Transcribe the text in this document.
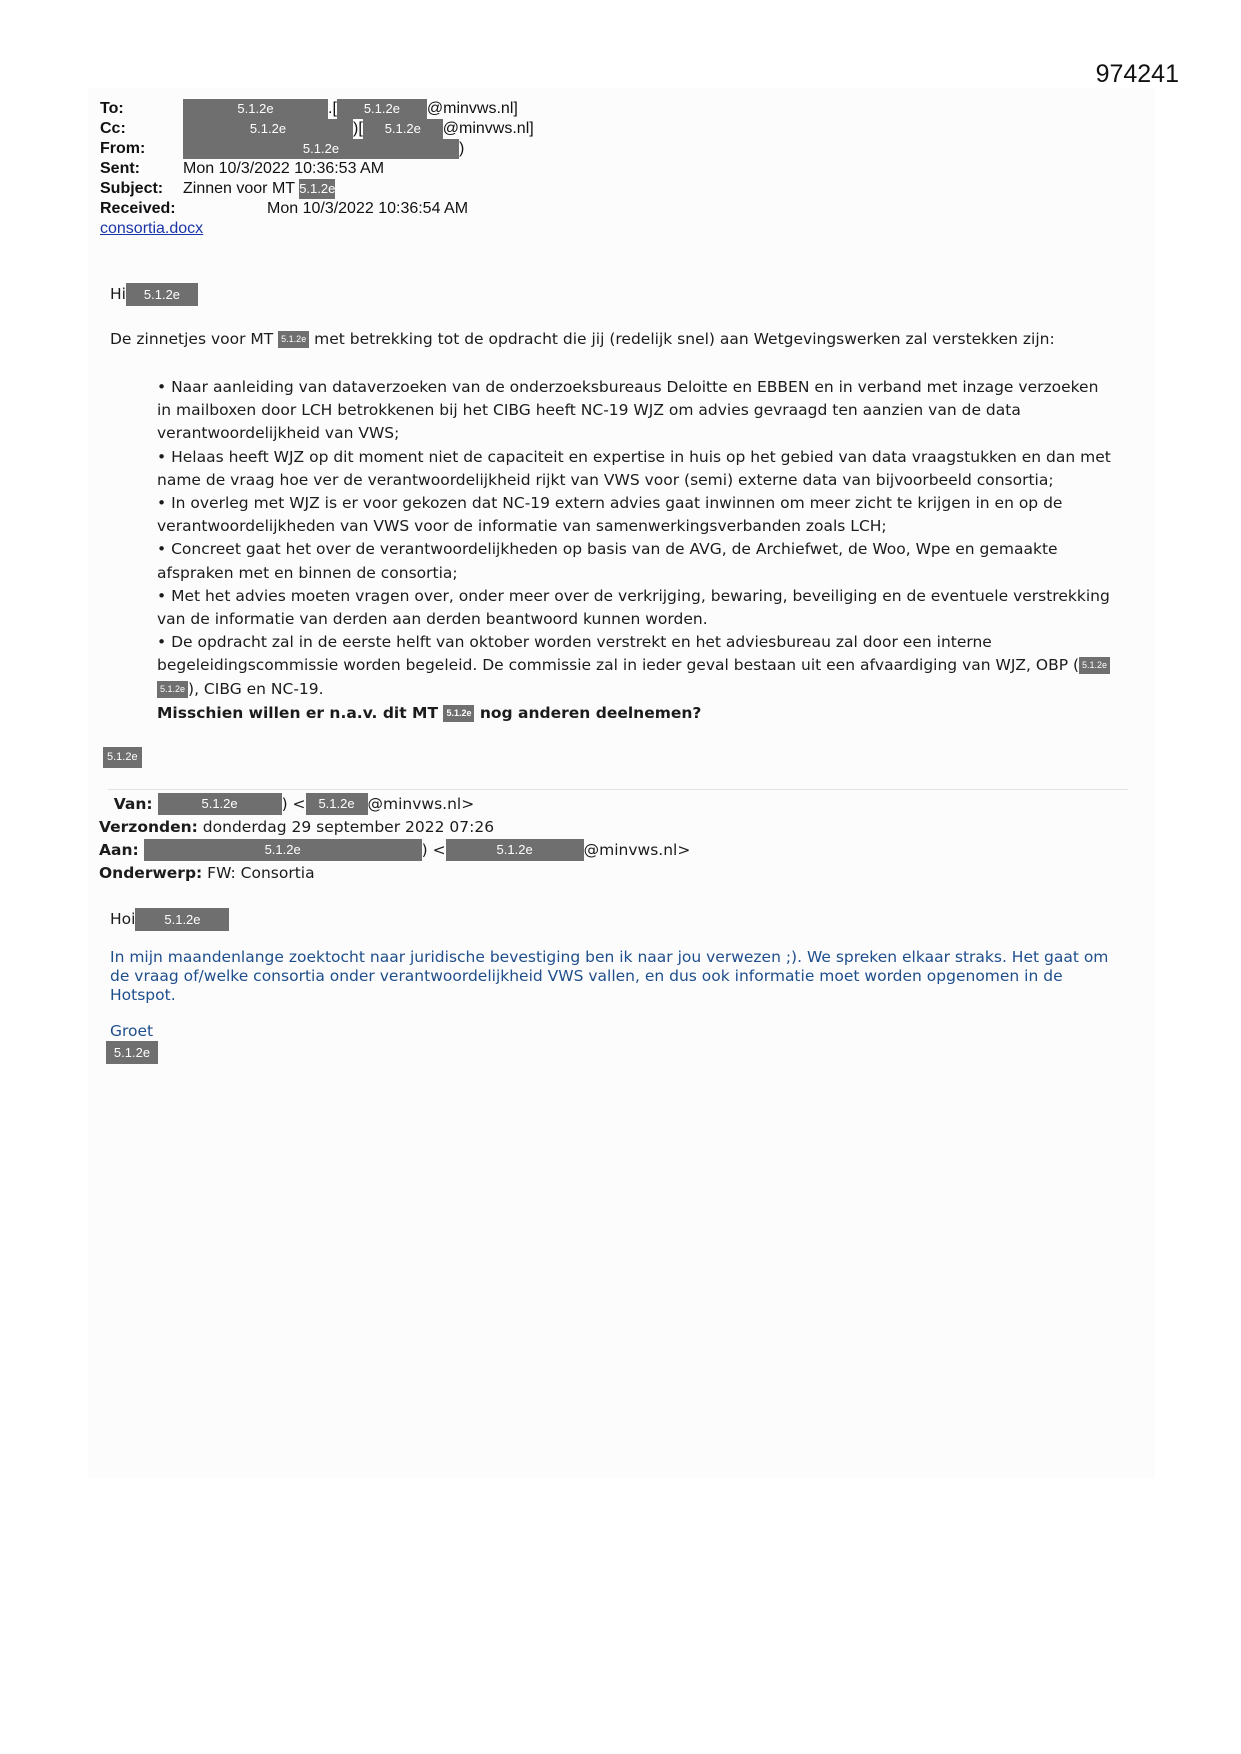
974241
To:	5.1.2e	.[ 5.1.2e @minvws.nl]
Cc:	5.1.2e	)[ 5.1.2e @minvws.nl]
From:	5.1.2e	)
Sent:	Mon 10/3/2022 10:36:53 AM
Subject: Zinnen voor MT 5.1.2e
Received:	Mon 10/3/2022 10:36:54 AM
consortia.docx
Hi 5.1.2e
De zinnetjes voor MT 5.1.2e met betrekking tot de opdracht die jij (redelijk snel) aan Wetgevingswerken zal verstekken zijn:

• Naar aanleiding van dataverzoeken van de onderzoeksbureaus Deloitte en EBBEN en in verband met inzage verzoeken in mailboxen door LCH betrokkenen bij het CIBG heeft NC-19 WJZ om advies gevraagd ten aanzien van de data verantwoordelijkheid van VWS;

• Helaas heeft WJZ op dit moment niet de capaciteit en expertise in huis op het gebied van data vraagstukken en dan met name de vraag hoe ver de verantwoordelijkheid rijkt van VWS voor (semi) externe data van bijvoorbeeld consortia;

• In overleg met WJZ is er voor gekozen dat NC-19 extern advies gaat inwinnen om meer zicht te krijgen in en op de verantwoordelijkheden van VWS voor de informatie van samenwerkingsverbanden zoals LCH;

• Concreet gaat het over de verantwoordelijkheden op basis van de AVG, de Archiefwet, de Woo, Wpe en gemaakte afspraken met en binnen de consortia;

• Met het advies moeten vragen over, onder meer over de verkrijging, bewaring, beveiliging en de eventuele verstrekking van de informatie van derden aan derden beantwoord kunnen worden.

• De opdracht zal in de eerste helft van oktober worden verstrekt en het adviesbureau zal door een interne begeleidingscommissie worden begeleid. De commissie zal in ieder geval bestaan uit een afvaardiging van WJZ, OBP ( 5.1.2e 5.1.2e ), CIBG en NC-19.

Misschien willen er n.a.v. dit MT 5.1.2e nog anderen deelnemen?

5.1.2e
Van:	5.1.2e	) < 5.1.2e @minvws.nl>
Verzonden: donderdag 29 september 2022 07:26
Aan:	5.1.2e	) <	5.1.2e	@minvws.nl>
Onderwerp: FW: Consortia
Hoi 5.1.2e
In mijn maandenlange zoektocht naar juridische bevestiging ben ik naar jou verwezen ;). We spreken elkaar straks. Het gaat om de vraag of/welke consortia onder verantwoordelijkheid VWS vallen, en dus ook informatie moet worden opgenomen in de Hotspot.
Groet
5.1.2e
